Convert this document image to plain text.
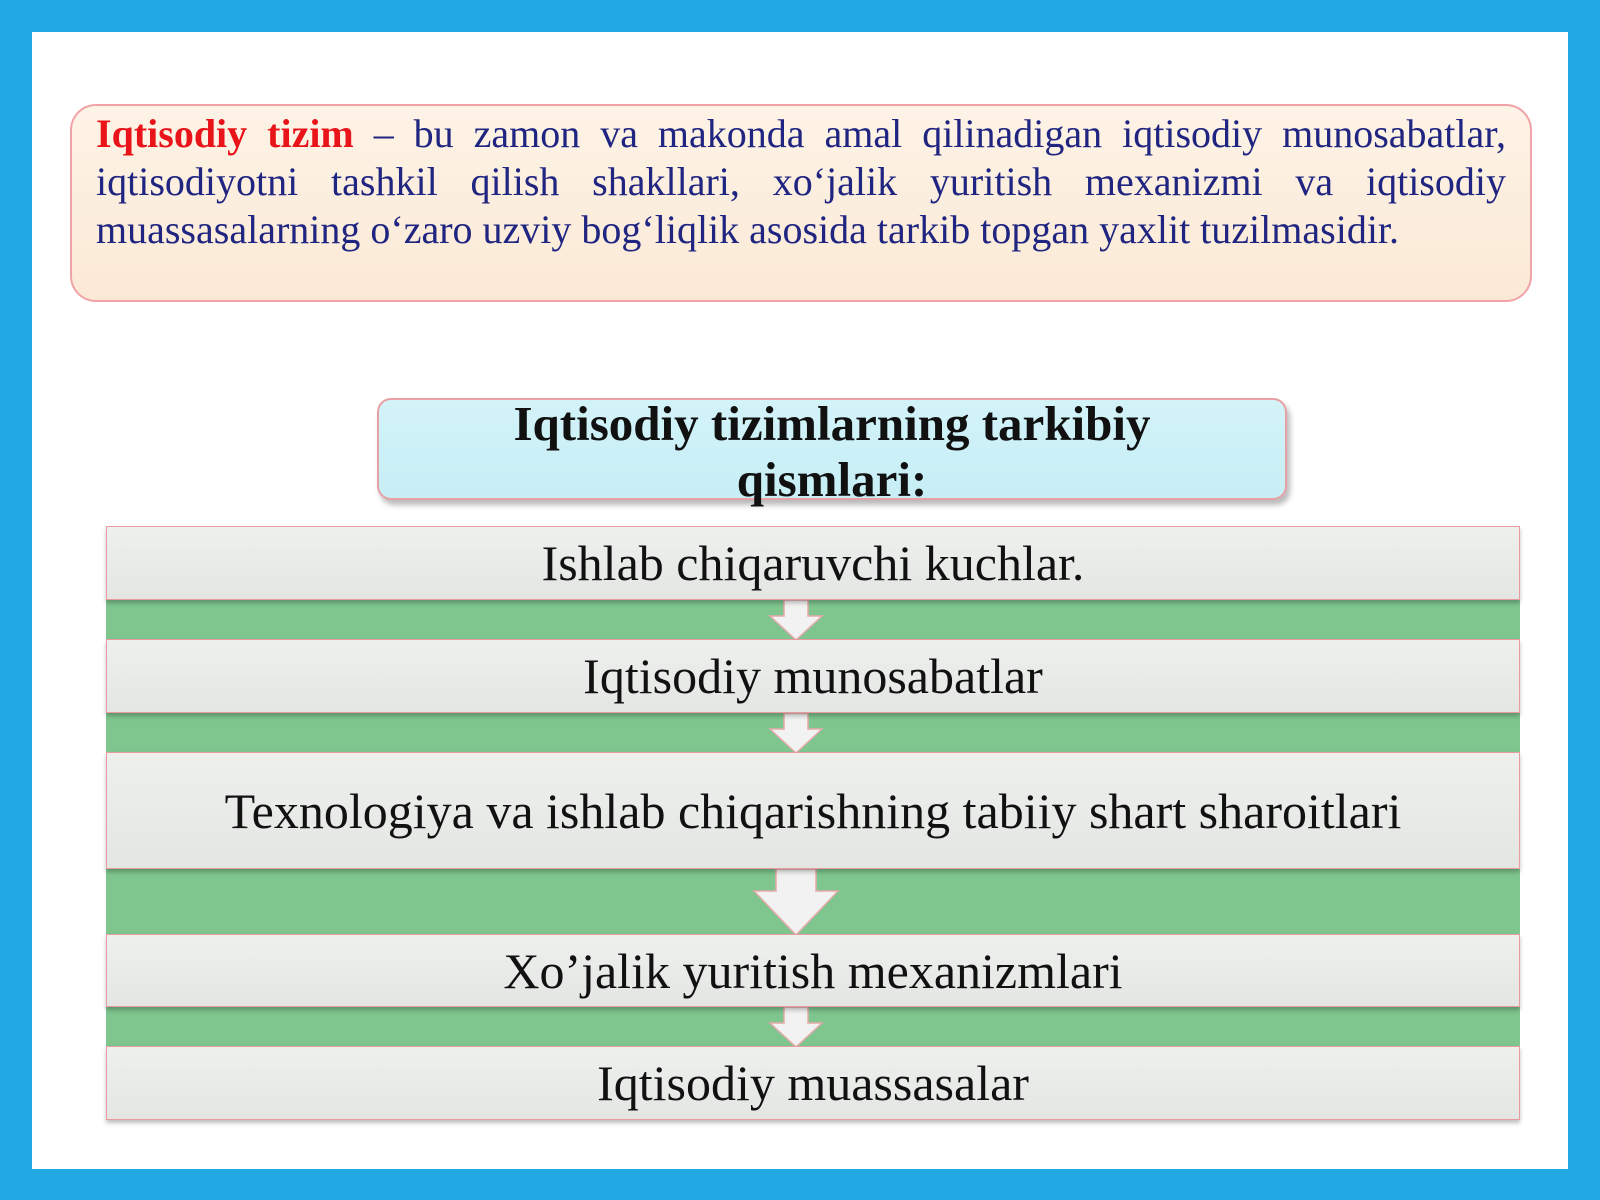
Iqtisodiy tizim – bu zamon va makonda amal qilinadigan iqtisodiy munosabatlar, iqtisodiyotni tashkil qilish shakllari, xo‘jalik yuritish mexanizmi va iqtisodiy muassasalarning o‘zaro uzviy bog‘liqlik asosida tarkib topgan yaxlit tuzilmasidir.

Iqtisodiy tizimlarning tarkibiy
qismlari:
Ishlab chiqaruvchi kuchlar.
Iqtisodiy munosabatlar
Texnologiya va ishlab chiqarishning tabiiy shart sharoitlari
Xo’jalik yuritish mexanizmlari
Iqtisodiy muassasalar
